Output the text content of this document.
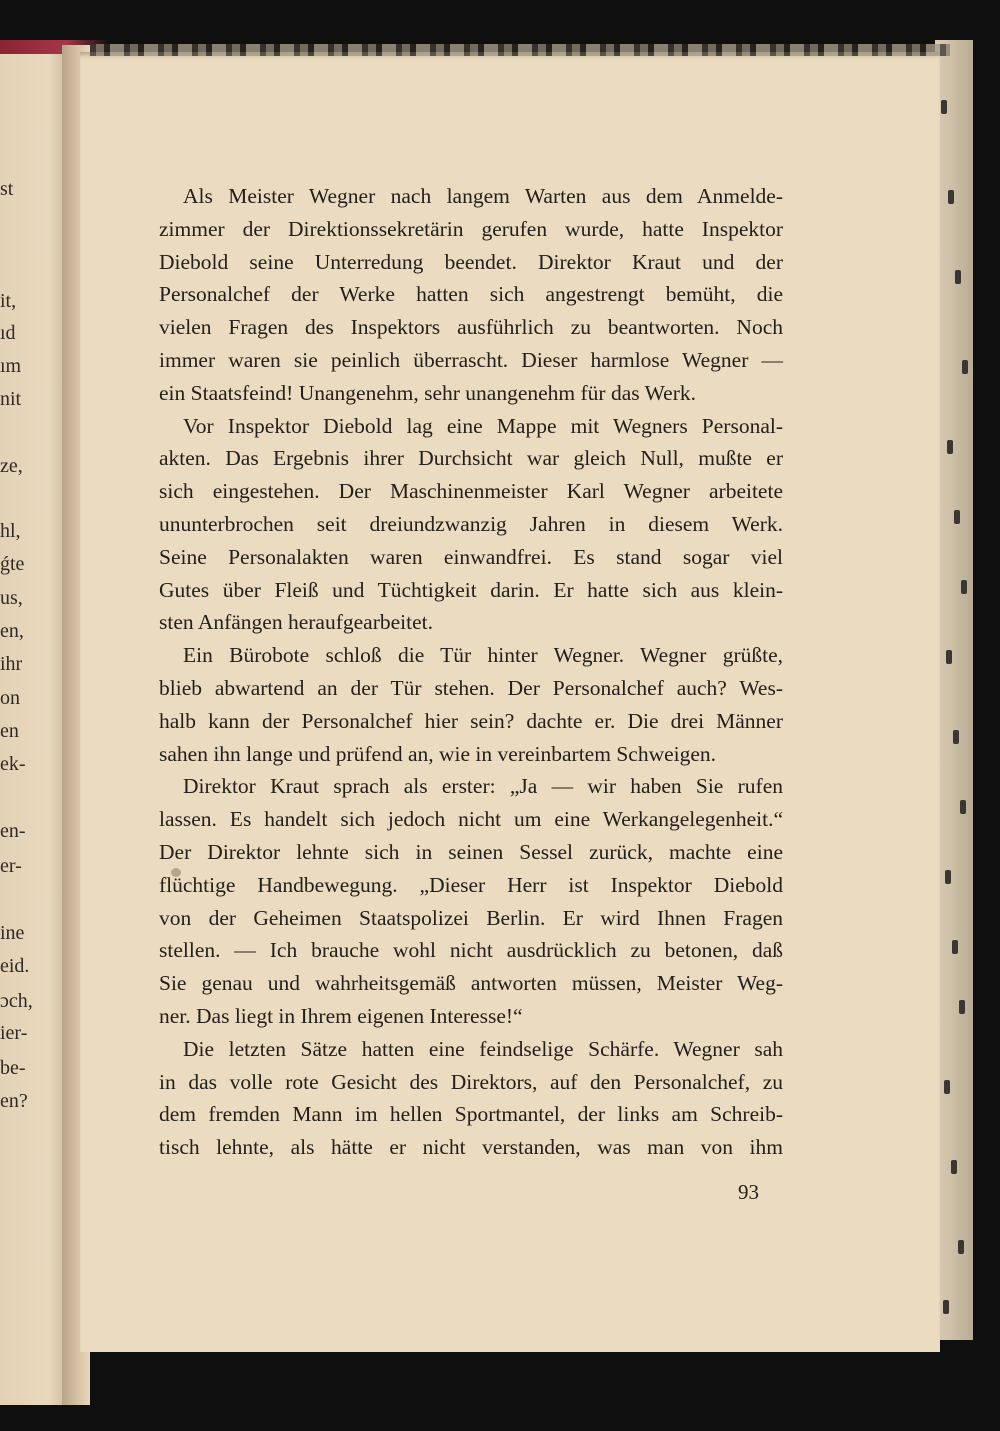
st
it,
ıd
ım
nit
ze,
hl,
ǵte
us,
en,
ihr
on
en
ek-
en-
er-
ine
eid.
ɔch,
ier-
be-
en?
Als Meister Wegner nach langem Warten aus dem Anmelde-
zimmer der Direktionssekretärin gerufen wurde, hatte Inspektor
Diebold seine Unterredung beendet. Direktor Kraut und der
Personalchef der Werke hatten sich angestrengt bemüht, die
vielen Fragen des Inspektors ausführlich zu beantworten. Noch
immer waren sie peinlich überrascht. Dieser harmlose Wegner —
ein Staatsfeind! Unangenehm, sehr unangenehm für das Werk.
Vor Inspektor Diebold lag eine Mappe mit Wegners Personal-
akten. Das Ergebnis ihrer Durchsicht war gleich Null, mußte er
sich eingestehen. Der Maschinenmeister Karl Wegner arbeitete
ununterbrochen seit dreiundzwanzig Jahren in diesem Werk.
Seine Personalakten waren einwandfrei. Es stand sogar viel
Gutes über Fleiß und Tüchtigkeit darin. Er hatte sich aus klein-
sten Anfängen heraufgearbeitet.
Ein Bürobote schloß die Tür hinter Wegner. Wegner grüßte,
blieb abwartend an der Tür stehen. Der Personalchef auch? Wes-
halb kann der Personalchef hier sein? dachte er. Die drei Männer
sahen ihn lange und prüfend an, wie in vereinbartem Schweigen.
Direktor Kraut sprach als erster: „Ja — wir haben Sie rufen
lassen. Es handelt sich jedoch nicht um eine Werkangelegenheit.“
Der Direktor lehnte sich in seinen Sessel zurück, machte eine
flüchtige Handbewegung. „Dieser Herr ist Inspektor Diebold
von der Geheimen Staatspolizei Berlin. Er wird Ihnen Fragen
stellen. — Ich brauche wohl nicht ausdrücklich zu betonen, daß
Sie genau und wahrheitsgemäß antworten müssen, Meister Weg-
ner. Das liegt in Ihrem eigenen Interesse!“
Die letzten Sätze hatten eine feindselige Schärfe. Wegner sah
in das volle rote Gesicht des Direktors, auf den Personalchef, zu
dem fremden Mann im hellen Sportmantel, der links am Schreib-
tisch lehnte, als hätte er nicht verstanden, was man von ihm
93
